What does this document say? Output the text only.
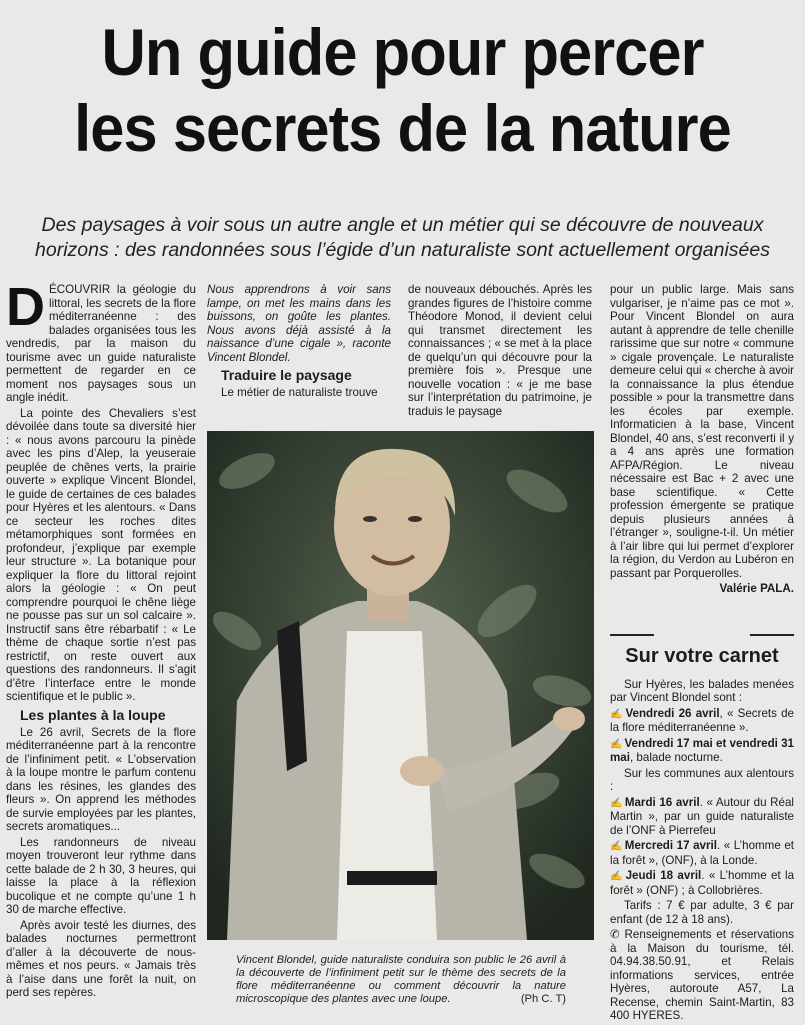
Un guide pour percer
les secrets de la nature

Des paysages à voir sous un autre angle et un métier qui se découvre de nouveaux horizons : des randonnées sous l’égide d’un naturaliste sont actuellement organisées

DÉCOUVRIR la géologie du littoral, les secrets de la flore méditerranéenne : des balades organisées tous les vendredis, par la maison du tourisme avec un guide naturaliste permettent de regarder en ce moment nos paysages sous un angle inédit.

La pointe des Chevaliers s’est dévoilée dans toute sa diversité hier : « nous avons parcouru la pinède avec les pins d’Alep, la yeuseraie peuplée de chênes verts, la prairie ouverte » explique Vincent Blondel, le guide de certaines de ces balades pour Hyères et les alentours. « Dans ce secteur les roches dites métamorphiques sont formées en profondeur, j’explique par exemple leur structure ». La botanique pour expliquer la flore du littoral rejoint alors la géologie : « On peut comprendre pourquoi le chêne liège ne pousse pas sur un sol calcaire ». Instructif sans être rébarbatif : « Le thème de chaque sortie n’est pas restrictif, on reste ouvert aux questions des randonneurs. Il s’agit d’être l’interface entre le monde scientifique et le public ».

Les plantes à la loupe

Le 26 avril, Secrets de la flore méditerranéenne part à la rencontre de l’infiniment petit. « L’observation à la loupe montre le parfum contenu dans les résines, les glandes des fleurs ». On apprend les méthodes de survie employées par les plantes, secrets aromatiques...

Les randonneurs de niveau moyen trouveront leur rythme dans cette balade de 2 h 30, 3 heures, qui laisse la place à la réflexion bucolique et ne compte qu’une 1 h 30 de marche effective.

Après avoir testé les diurnes, des balades nocturnes permettront d’aller à la découverte de nous-mêmes et nos peurs. « Jamais très à l’aise dans une forêt la nuit, on perd ses repères.

Nous apprendrons à voir sans lampe, on met les mains dans les buissons, on goûte les plantes. Nous avons déjà assisté à la naissance d’une cigale », raconte Vincent Blondel.

Traduire le paysage

Le métier de naturaliste trouve

de nouveaux débouchés. Après les grandes figures de l’histoire comme Théodore Monod, il devient celui qui transmet directement les connaissances ; « se met à la place de quelqu’un qui découvre pour la première fois ». Presque une nouvelle vocation : « je me base sur l’interprétation du patrimoine, je traduis le paysage

pour un public large. Mais sans vulgariser, je n’aime pas ce mot ». Pour Vincent Blondel on aura autant à apprendre de telle chenille rarissime que sur notre « commune » cigale provençale. Le naturaliste demeure celui qui « cherche à avoir la connaissance la plus étendue possible » pour la transmettre dans les écoles par exemple. Informaticien à la base, Vincent Blondel, 40 ans, s’est reconverti il y a 4 ans après une formation AFPA/Région. Le niveau nécessaire est Bac + 2 avec une base scientifique. « Cette profession émergente se pratique depuis plusieurs années à l’étranger », souligne-t-il. Un métier à l’air libre qui lui permet d’explorer la région, du Verdon au Lubéron en passant par Porquerolles.

Valérie PALA.

Sur votre carnet

Sur Hyères, les balades menées par Vincent Blondel sont :

✍ Vendredi 26 avril, « Secrets de la flore méditerranéenne ».

✍ Vendredi 17 mai et vendredi 31 mai, balade nocturne.

Sur les communes aux alentours :

✍ Mardi 16 avril. « Autour du Réal Martin », par un guide naturaliste de l’ONF à Pierrefeu

✍ Mercredi 17 avril. « L’homme et la forêt », (ONF), à la Londe.

✍ Jeudi 18 avril. « L’homme et la forêt » (ONF) ; à Collobrières.

Tarifs : 7 € par adulte, 3 € par enfant (de 12 à 18 ans).

✆ Renseignements et réservations à la Maison du tourisme, tél. 04.94.38.50.91, et Relais informations services, entrée Hyères, autoroute A57, La Recense, chemin Saint-Martin, 83 400 HYERES.

Vincent Blondel, guide naturaliste conduira son public le 26 avril à la découverte de l’infiniment petit sur le thème des secrets de la flore méditerranéenne ou comment découvrir la nature microscopique des plantes avec une loupe.	(Ph C. T)
